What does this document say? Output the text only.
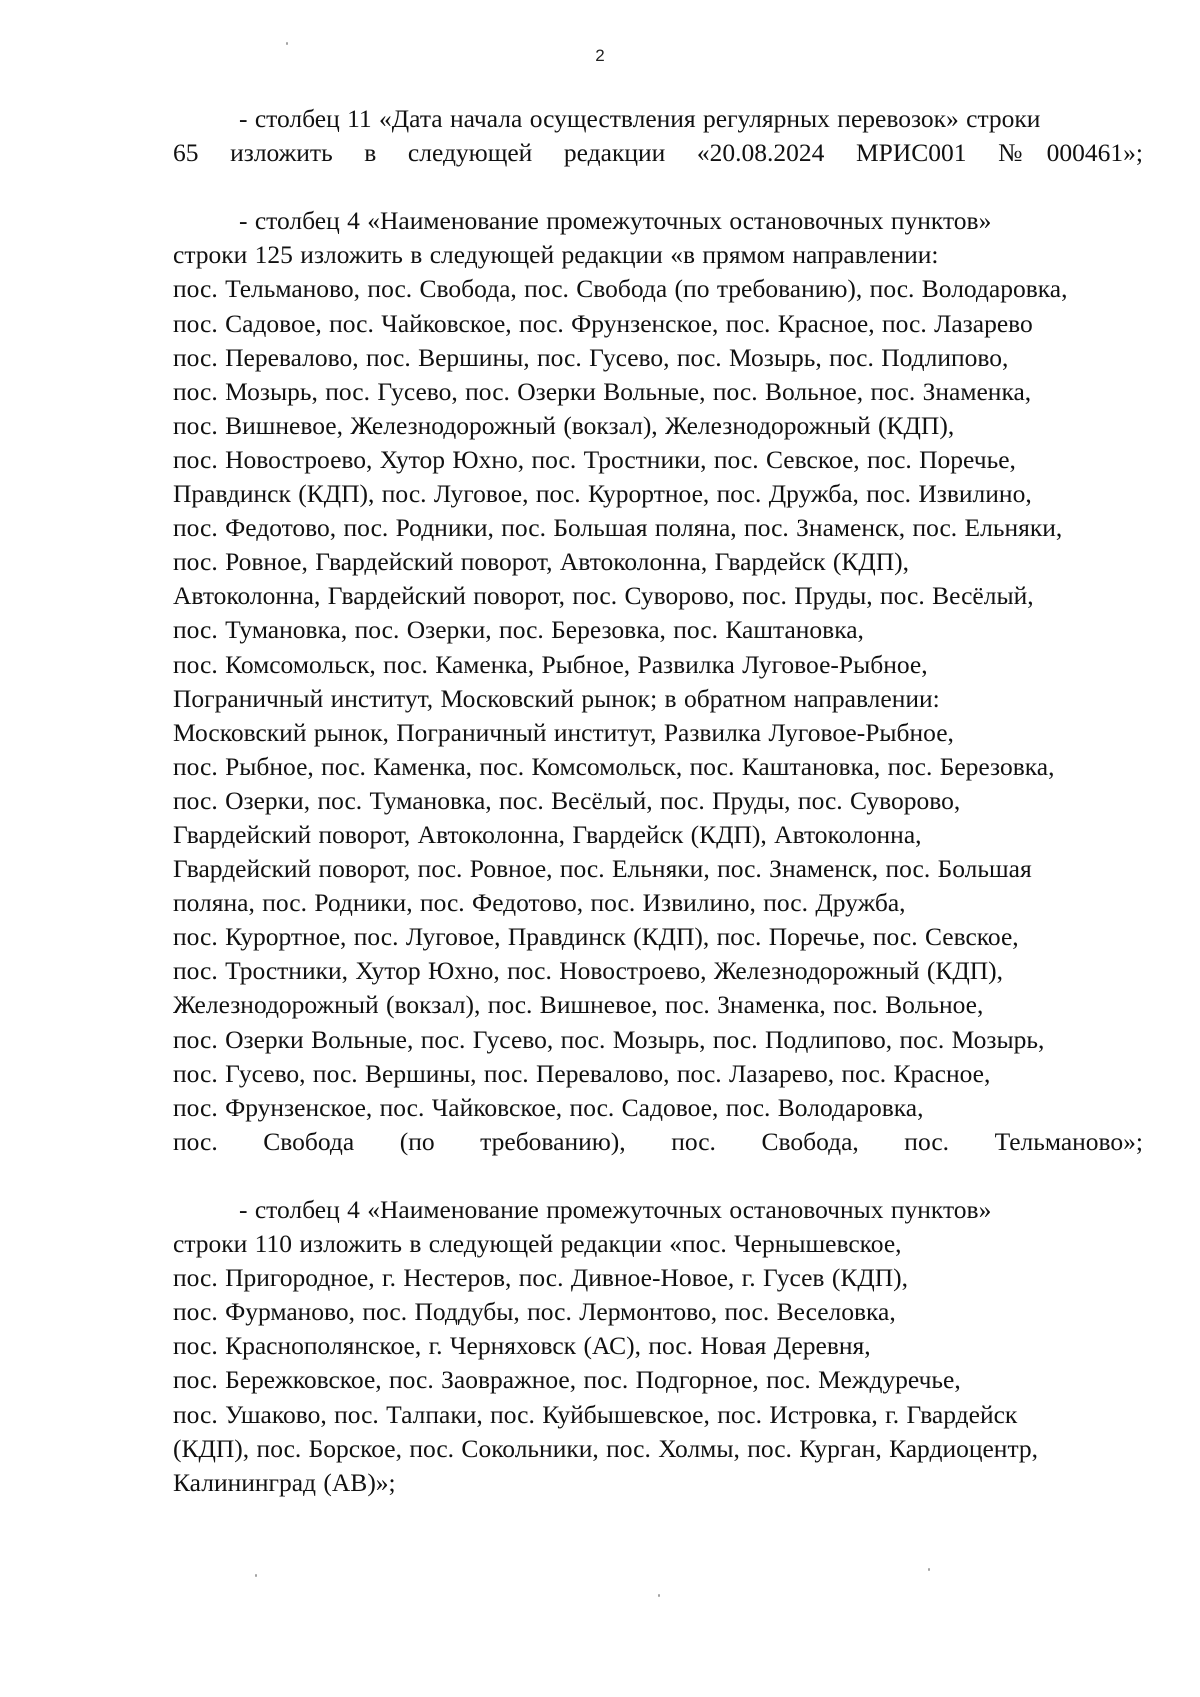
2

- столбец 11 «Дата начала осуществления регулярных перевозок» строки
65 изложить в следующей редакции «20.08.2024 МРИС001 №000461»;

- столбец 4 «Наименование промежуточных остановочных пунктов»
строки 125 изложить в следующей редакции «в прямом направлении:
пос. Тельманово, пос. Свобода, пос. Свобода (по требованию), пос. Володаровка,
пос. Садовое, пос. Чайковское, пос. Фрунзенское, пос. Красное, пос. Лазарево
пос. Перевалово, пос. Вершины, пос. Гусево, пос. Мозырь, пос. Подлипово,
пос. Мозырь, пос. Гусево, пос. Озерки Вольные, пос. Вольное, пос. Знаменка,
пос. Вишневое, Железнодорожный (вокзал), Железнодорожный (КДП),
пос. Новостроево, Хутор Юхно, пос. Тростники, пос. Севское, пос. Поречье,
Правдинск (КДП), пос. Луговое, пос. Курортное, пос. Дружба, пос. Извилино,
пос. Федотово, пос. Родники, пос. Большая поляна, пос. Знаменск, пос. Ельняки,
пос. Ровное, Гвардейский поворот, Автоколонна, Гвардейск (КДП),
Автоколонна, Гвардейский поворот, пос. Суворово, пос. Пруды, пос. Весёлый,
пос. Тумановка, пос. Озерки, пос. Березовка, пос. Каштановка,
пос. Комсомольск, пос. Каменка, Рыбное, Развилка Луговое-Рыбное,
Пограничный институт, Московский рынок; в обратном направлении:
Московский рынок, Пограничный институт, Развилка Луговое-Рыбное,
пос. Рыбное, пос. Каменка, пос. Комсомольск, пос. Каштановка, пос. Березовка,
пос. Озерки, пос. Тумановка, пос. Весёлый, пос. Пруды, пос. Суворово,
Гвардейский поворот, Автоколонна, Гвардейск (КДП), Автоколонна,
Гвардейский поворот, пос. Ровное, пос. Ельняки, пос. Знаменск, пос. Большая
поляна, пос. Родники, пос. Федотово, пос. Извилино, пос. Дружба,
пос. Курортное, пос. Луговое, Правдинск (КДП), пос. Поречье, пос. Севское,
пос. Тростники, Хутор Юхно, пос. Новостроево, Железнодорожный (КДП),
Железнодорожный (вокзал), пос. Вишневое, пос. Знаменка, пос. Вольное,
пос. Озерки Вольные, пос. Гусево, пос. Мозырь, пос. Подлипово, пос. Мозырь,
пос. Гусево, пос. Вершины, пос. Перевалово, пос. Лазарево, пос. Красное,
пос. Фрунзенское, пос. Чайковское, пос. Садовое, пос. Володаровка,
пос. Свобода (по требованию), пос. Свобода, пос. Тельманово»;

- столбец 4 «Наименование промежуточных остановочных пунктов»
строки 110 изложить в следующей редакции «пос. Чернышевское,
пос. Пригородное, г. Нестеров, пос. Дивное-Новое, г. Гусев (КДП),
пос. Фурманово, пос. Поддубы, пос. Лермонтово, пос. Веселовка,
пос. Краснополянское, г. Черняховск (АС), пос. Новая Деревня,
пос. Бережковское, пос. Заовражное, пос. Подгорное, пос. Междуречье,
пос. Ушаково, пос. Талпаки, пос. Куйбышевское, пос. Истровка, г. Гвардейск
(КДП), пос. Борское, пос. Сокольники, пос. Холмы, пос. Курган, Кардиоцентр,
Калининград (АВ)»;
